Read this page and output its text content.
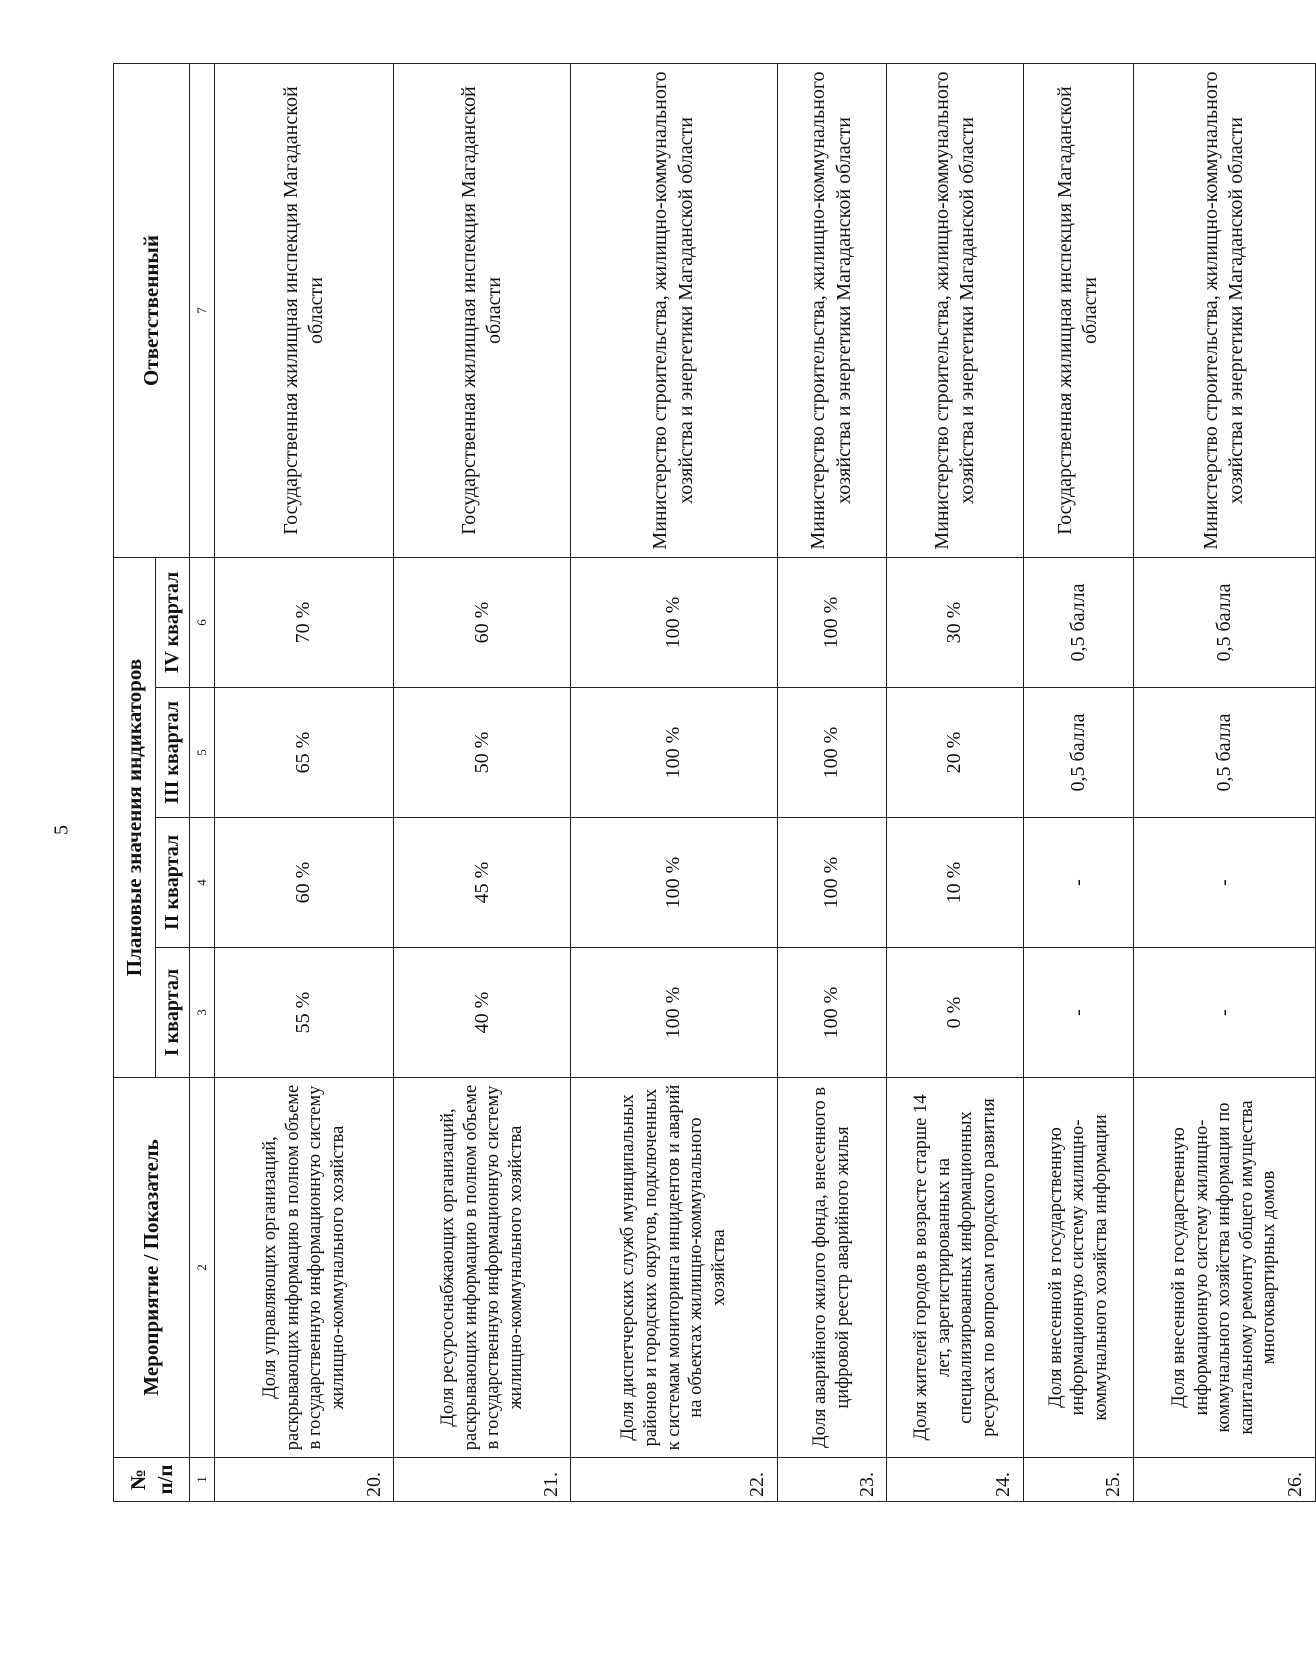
5
№ п/п	Мероприятие / Показатель	Плановые значения индикаторов				Ответственный
		I квартал	II квартал	III квартал	IV квартал	
1	2	3	4	5	6	7
20.	Доля управляющих организаций, раскрывающих информацию в полном объеме в государственную информационную систему жилищно-коммунального хозяйства	55 %	60 %	65 %	70 %	Государственная жилищная инспекция Магаданской области
21.	Доля ресурсоснабжающих организаций, раскрывающих информацию в полном объеме в государственную информационную систему жилищно-коммунального хозяйства	40 %	45 %	50 %	60 %	Государственная жилищная инспекция Магаданской области
22.	Доля диспетчерских служб муниципальных районов и городских округов, подключенных к системам мониторинга инцидентов и аварий на объектах жилищно-коммунального хозяйства	100 %	100 %	100 %	100 %	Министерство строительства, жилищно-коммунального хозяйства и энергетики Магаданской области
23.	Доля аварийного жилого фонда, внесенного в цифровой реестр аварийного жилья	100 %	100 %	100 %	100 %	Министерство строительства, жилищно-коммунального хозяйства и энергетики Магаданской области
24.	Доля жителей городов в возрасте старше 14 лет, зарегистрированных на специализированных информационных ресурсах по вопросам городского развития	0 %	10 %	20 %	30 %	Министерство строительства, жилищно-коммунального хозяйства и энергетики Магаданской области
25.	Доля внесенной в государственную информационную систему жилищно-коммунального хозяйства информации	-	-	0,5 балла	0,5 балла	Государственная жилищная инспекция Магаданской области
26.	Доля внесенной в государственную информационную систему жилищно-коммунального хозяйства информации по капитальному ремонту общего имущества многоквартирных домов	-	-	0,5 балла	0,5 балла	Министерство строительства, жилищно-коммунального хозяйства и энергетики Магаданской области
